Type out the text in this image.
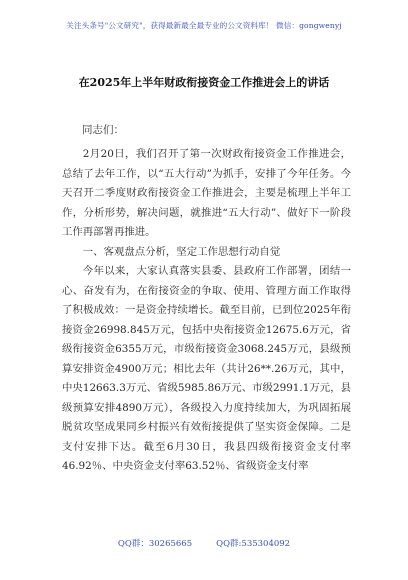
关注头条号"公文研究"，获得最新最全最专业的公文资料库！ 微信：gongwenyj
在2025年上半年财政衔接资金工作推进会上的讲话
同志们：

2月20日，我们召开了第一次财政衔接资金工作推进会，总结了去年工作，以“五大行动”为抓手，安排了今年任务。今天召开二季度财政衔接资金工作推进会，主要是梳理上半年工作，分析形势，解决问题，就推进“五大行动”、做好下一阶段工作再部署再推进。

一、客观盘点分析，坚定工作思想行动自觉

今年以来，大家认真落实县委、县政府工作部署，团结一心、奋发有为，在衔接资金的争取、使用、管理方面工作取得了积极成效：一是资金持续增长。截至目前，已到位2025年衔接资金26998.845万元，包括中央衔接资金12675.6万元，省级衔接资金6355万元，市级衔接资金3068.245万元，县级预算安排资金4900万元；相比去年（共计26**.26万元，其中，中央12663.3万元、省级5985.86万元、市级2991.1万元，县级预算安排4890万元），各级投入力度持续加大，为巩固拓展脱贫攻坚成果同乡村振兴有效衔接提供了坚实资金保障。二是支付安排下达。截至6月30日，我县四级衔接资金支付率46.92％、中央资金支付率63.52％、省级资金支付率

QQ群：30265665	QQ群:535304092
